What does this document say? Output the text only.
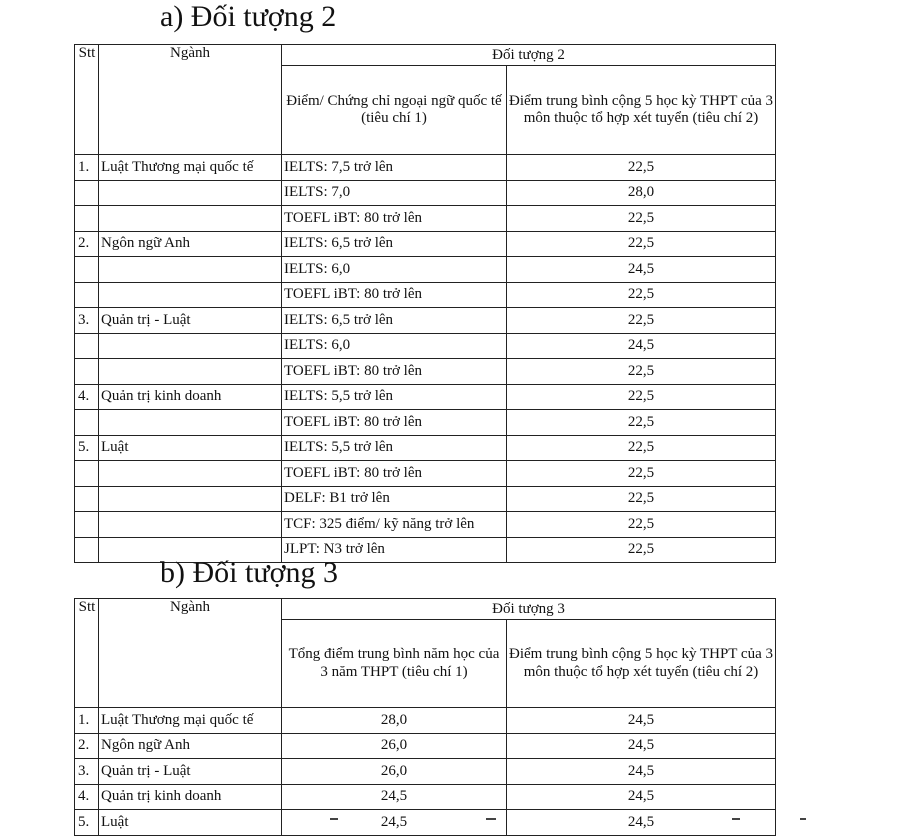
a) Đối tượng 2
Stt	Ngành	Đối tượng 2	
		Điểm/ Chứng chỉ ngoại ngữ quốc tế (tiêu chí 1)	Điểm trung bình cộng 5 học kỳ THPT của 3 môn thuộc tổ hợp xét tuyển (tiêu chí 2)
1.	Luật Thương mại quốc tế	IELTS: 7,5 trở lên	22,5
		IELTS: 7,0	28,0
		TOEFL iBT: 80 trở lên	22,5
2.	Ngôn ngữ Anh	IELTS: 6,5 trở lên	22,5
		IELTS: 6,0	24,5
		TOEFL iBT: 80 trở lên	22,5
3.	Quản trị - Luật	IELTS: 6,5 trở lên	22,5
		IELTS: 6,0	24,5
		TOEFL iBT: 80 trở lên	22,5
4.	Quản trị kinh doanh	IELTS: 5,5 trở lên	22,5
		TOEFL iBT: 80 trở lên	22,5
5.	Luật	IELTS: 5,5 trở lên	22,5
		TOEFL iBT: 80 trở lên	22,5
		DELF: B1 trở lên	22,5
		TCF: 325 điểm/ kỹ năng trở lên	22,5
		JLPT: N3 trở lên	22,5
b) Đối tượng 3
Stt	Ngành	Đối tượng 3	
		Tổng điểm trung bình năm học của 3 năm THPT (tiêu chí 1)	Điểm trung bình cộng 5 học kỳ THPT của 3 môn thuộc tổ hợp xét tuyển (tiêu chí 2)
1.	Luật Thương mại quốc tế	28,0	24,5
2.	Ngôn ngữ Anh	26,0	24,5
3.	Quản trị - Luật	26,0	24,5
4.	Quản trị kinh doanh	24,5	24,5
5.	Luật	24,5	24,5
